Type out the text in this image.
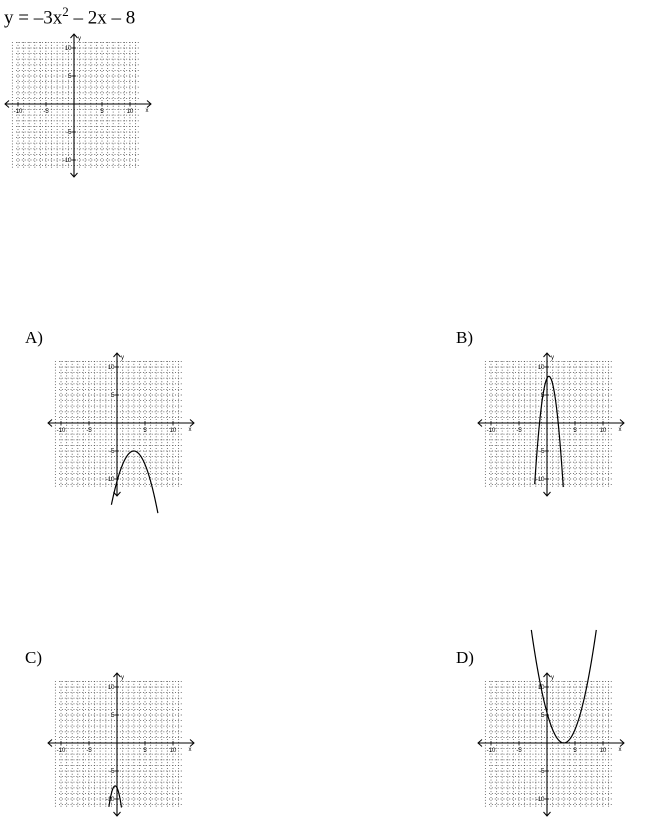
$y = -3x^2 - 2x - 8$
-10	-5	5	10
10
5
-5
-10
x
y
A)
-10	-5	5	10
10
5
-5
-10
x
y
B)
-10	-5	5	10
10
5
-5
-10
x
y
C)
-10	-5	5	10
10
5
-5
-10
x
y
D)
-10	-5	5	10
10
5
-5
-10
x
y
